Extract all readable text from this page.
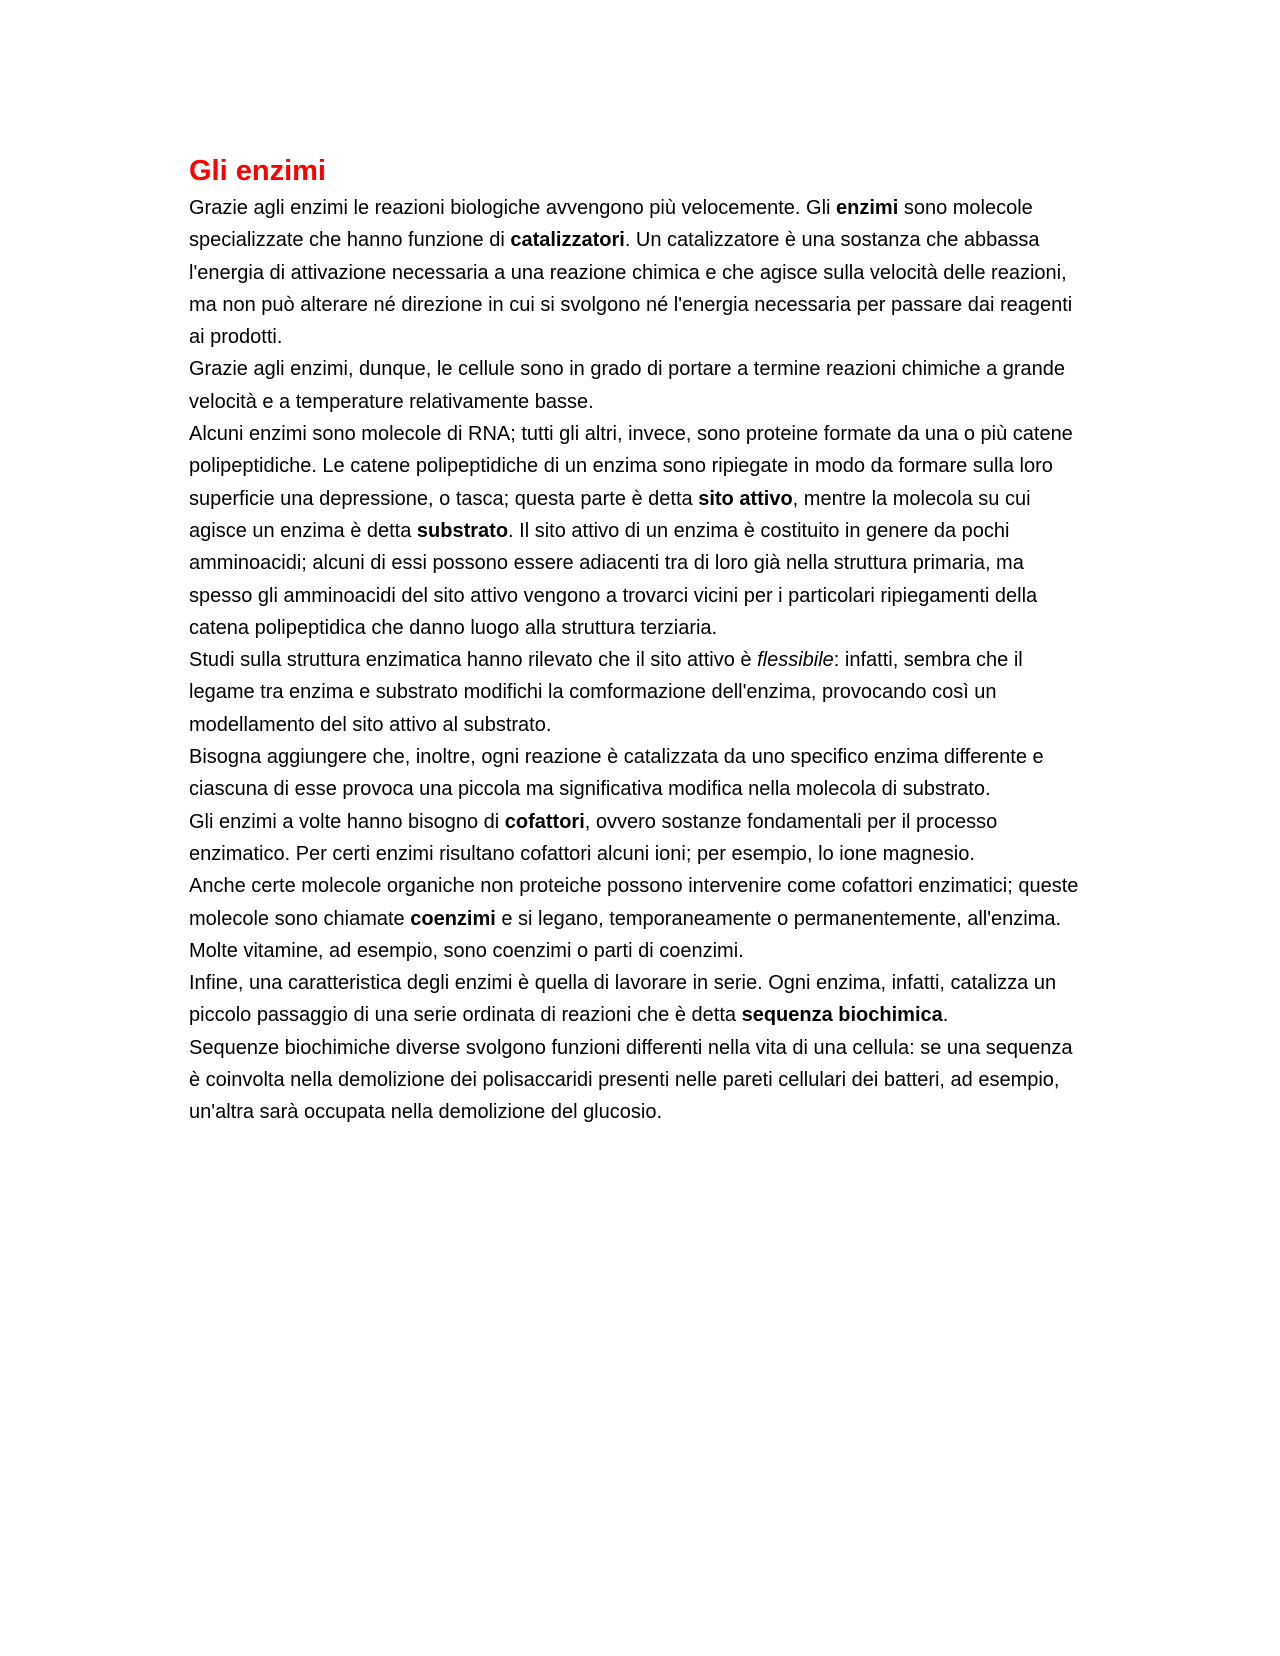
Gli enzimi

Grazie agli enzimi le reazioni biologiche avvengono più velocemente. Gli enzimi sono molecole specializzate che hanno funzione di catalizzatori. Un catalizzatore è una sostanza che abbassa l'energia di attivazione necessaria a una reazione chimica e che agisce sulla velocità delle reazioni, ma non può alterare né direzione in cui si svolgono né l'energia necessaria per passare dai reagenti ai prodotti.

Grazie agli enzimi, dunque, le cellule sono in grado di portare a termine reazioni chimiche a grande velocità e a temperature relativamente basse.

Alcuni enzimi sono molecole di RNA; tutti gli altri, invece, sono proteine formate da una o più catene polipeptidiche. Le catene polipeptidiche di un enzima sono ripiegate in modo da formare sulla loro superficie una depressione, o tasca; questa parte è detta sito attivo, mentre la molecola su cui agisce un enzima è detta substrato. Il sito attivo di un enzima è costituito in genere da pochi amminoacidi; alcuni di essi possono essere adiacenti tra di loro già nella struttura primaria, ma spesso gli amminoacidi del sito attivo vengono a trovarci vicini per i particolari ripiegamenti della catena polipeptidica che danno luogo alla struttura terziaria.

Studi sulla struttura enzimatica hanno rilevato che il sito attivo è flessibile: infatti, sembra che il legame tra enzima e substrato modifichi la comformazione dell'enzima, provocando così un modellamento del sito attivo al substrato.

Bisogna aggiungere che, inoltre, ogni reazione è catalizzata da uno specifico enzima differente e ciascuna di esse provoca una piccola ma significativa modifica nella molecola di substrato.

Gli enzimi a volte hanno bisogno di cofattori, ovvero sostanze fondamentali per il processo enzimatico. Per certi enzimi risultano cofattori alcuni ioni; per esempio, lo ione magnesio.

Anche certe molecole organiche non proteiche possono intervenire come cofattori enzimatici; queste molecole sono chiamate coenzimi e si legano, temporaneamente o permanentemente, all'enzima. Molte vitamine, ad esempio, sono coenzimi o parti di coenzimi.

Infine, una caratteristica degli enzimi è quella di lavorare in serie. Ogni enzima, infatti, catalizza un piccolo passaggio di una serie ordinata di reazioni che è detta sequenza biochimica.

Sequenze biochimiche diverse svolgono funzioni differenti nella vita di una cellula: se una sequenza è coinvolta nella demolizione dei polisaccaridi presenti nelle pareti cellulari dei batteri, ad esempio, un'altra sarà occupata nella demolizione del glucosio.
